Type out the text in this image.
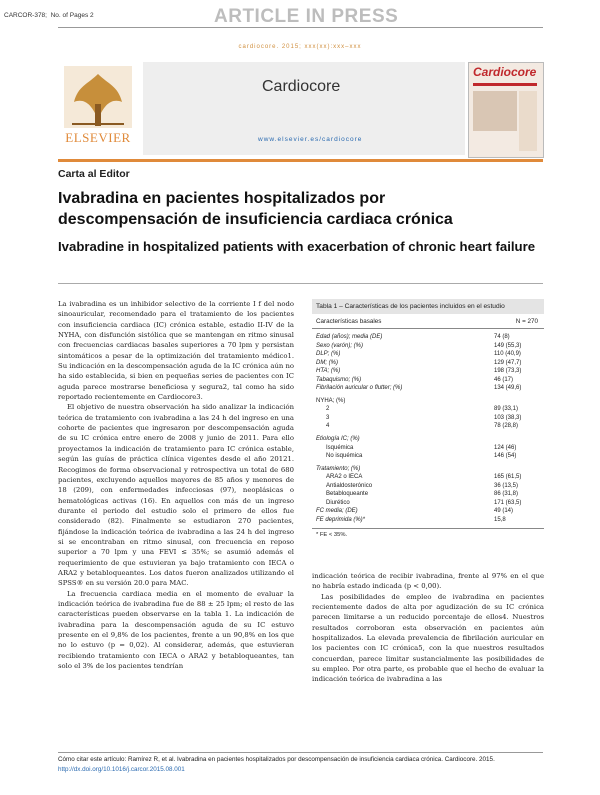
CARCOR-378; No. of Pages 2	ARTICLE IN PRESS
cardiocore. 2015; xxx(xx):xxx–xxx
ELSEVIER
Cardiocore
www.elsevier.es/cardiocore
Cardiocore
Carta al Editor
Ivabradina en pacientes hospitalizados por descompensación de insuficiencia cardiaca crónica
Ivabradine in hospitalized patients with exacerbation of chronic heart failure

La ivabradina es un inhibidor selectivo de la corriente I f del nodo sinoauricular, recomendado para el tratamiento de los pacientes con insuficiencia cardiaca (IC) crónica estable, estadio II-IV de la NYHA, con disfunción sistólica que se mantengan en ritmo sinusal con frecuencias cardiacas basales superiores a 70 lpm y persistan sintomáticos a pesar de la optimización del tratamiento médico1. Su indicación en la descompensación aguda de la IC crónica aún no ha sido establecida, si bien en pequeñas series de pacientes con IC aguda parece mostrarse beneficiosa y segura2, tal como ha sido reportado recientemente en Cardiocore3.

El objetivo de nuestra observación ha sido analizar la indicación teórica de tratamiento con ivabradina a las 24 h del ingreso en una cohorte de pacientes que ingresaron por descompensación aguda de su IC crónica entre enero de 2008 y junio de 2011. Para ello proyectamos la indicación de tratamiento para IC crónica estable, según las guías de práctica clínica vigentes desde el año 20121. Recogimos de forma observacional y retrospectiva un total de 680 pacientes, excluyendo aquellos mayores de 85 años y menores de 18 (209), con enfermedades infecciosas (97), neoplásicas o hematológicas activas (16). En aquellos con más de un ingreso durante el periodo del estudio solo el primero de ellos fue considerado (82). Finalmente se estudiaron 270 pacientes, fijándose la indicación teórica de ivabradina a las 24 h del ingreso si se encontraban en ritmo sinusal, con frecuencia en reposo superior a 70 lpm y una FEVI ≤ 35%; se asumió además el requerimiento de que estuvieran ya bajo tratamiento con IECA o ARA2 y betabloqueantes. Los datos fueron analizados utilizando el SPSS® en su versión 20.0 para MAC.

La frecuencia cardiaca media en el momento de evaluar la indicación teórica de ivabradina fue de 88 ± 25 lpm; el resto de las características pueden observarse en la tabla 1. La indicación de ivabradina para la descompensación aguda de su IC estuvo presente en el 9,8% de los pacientes, frente a un 90,8% en los que no lo estuvo (p = 0,02). Al considerar, además, que estuvieran recibiendo tratamiento con IECA o ARA2 y betabloqueantes, tan solo el 3% de los pacientes tendrían

Tabla 1 – Características de los pacientes incluidos en el estudio
Características basales	N = 270
Edad (años); media (DE)	74 (8)
Sexo (varón); (%)	149 (55,3)
DLP; (%)	110 (40,9)
DM; (%)	129 (47,7)
HTA; (%)	198 (73,3)
Tabaquismo; (%)	46 (17)
Fibrilación auricular o flutter; (%)	134 (49,6)
NYHA; (%)
2	89 (33,1)
3	103 (38,3)
4	78 (28,8)
Etiología IC; (%)
Isquémica	124 (46)
No isquémica	146 (54)
Tratamiento; (%)
ARA2 o IECA	165 (61,5)
Antialdosterónico	36 (13,5)
Betabloqueante	86 (31,8)
Diurético	171 (63,5)
FC media; (DE)	49 (14)
FE deprimida (%)*	15,8
* FE < 35%.

indicación teórica de recibir ivabradina, frente al 97% en el que no habría estado indicada (p < 0,00).

Las posibilidades de empleo de ivabradina en pacientes recientemente dados de alta por agudización de su IC crónica parecen limitarse a un reducido porcentaje de ellos4. Nuestros resultados corroboran esta observación en pacientes aún hospitalizados. La elevada prevalencia de fibrilación auricular en los pacientes con IC crónica5, con la que nuestros resultados concuerdan, parece limitar sustancialmente las posibilidades de su empleo. Por otra parte, es probable que el hecho de evaluar la indicación teórica de ivabradina a las

Cómo citar este artículo: Ramírez R, et al. Ivabradina en pacientes hospitalizados por descompensación de insuficiencia cardiaca crónica. Cardiocore. 2015. http://dx.doi.org/10.1016/j.carcor.2015.08.001
